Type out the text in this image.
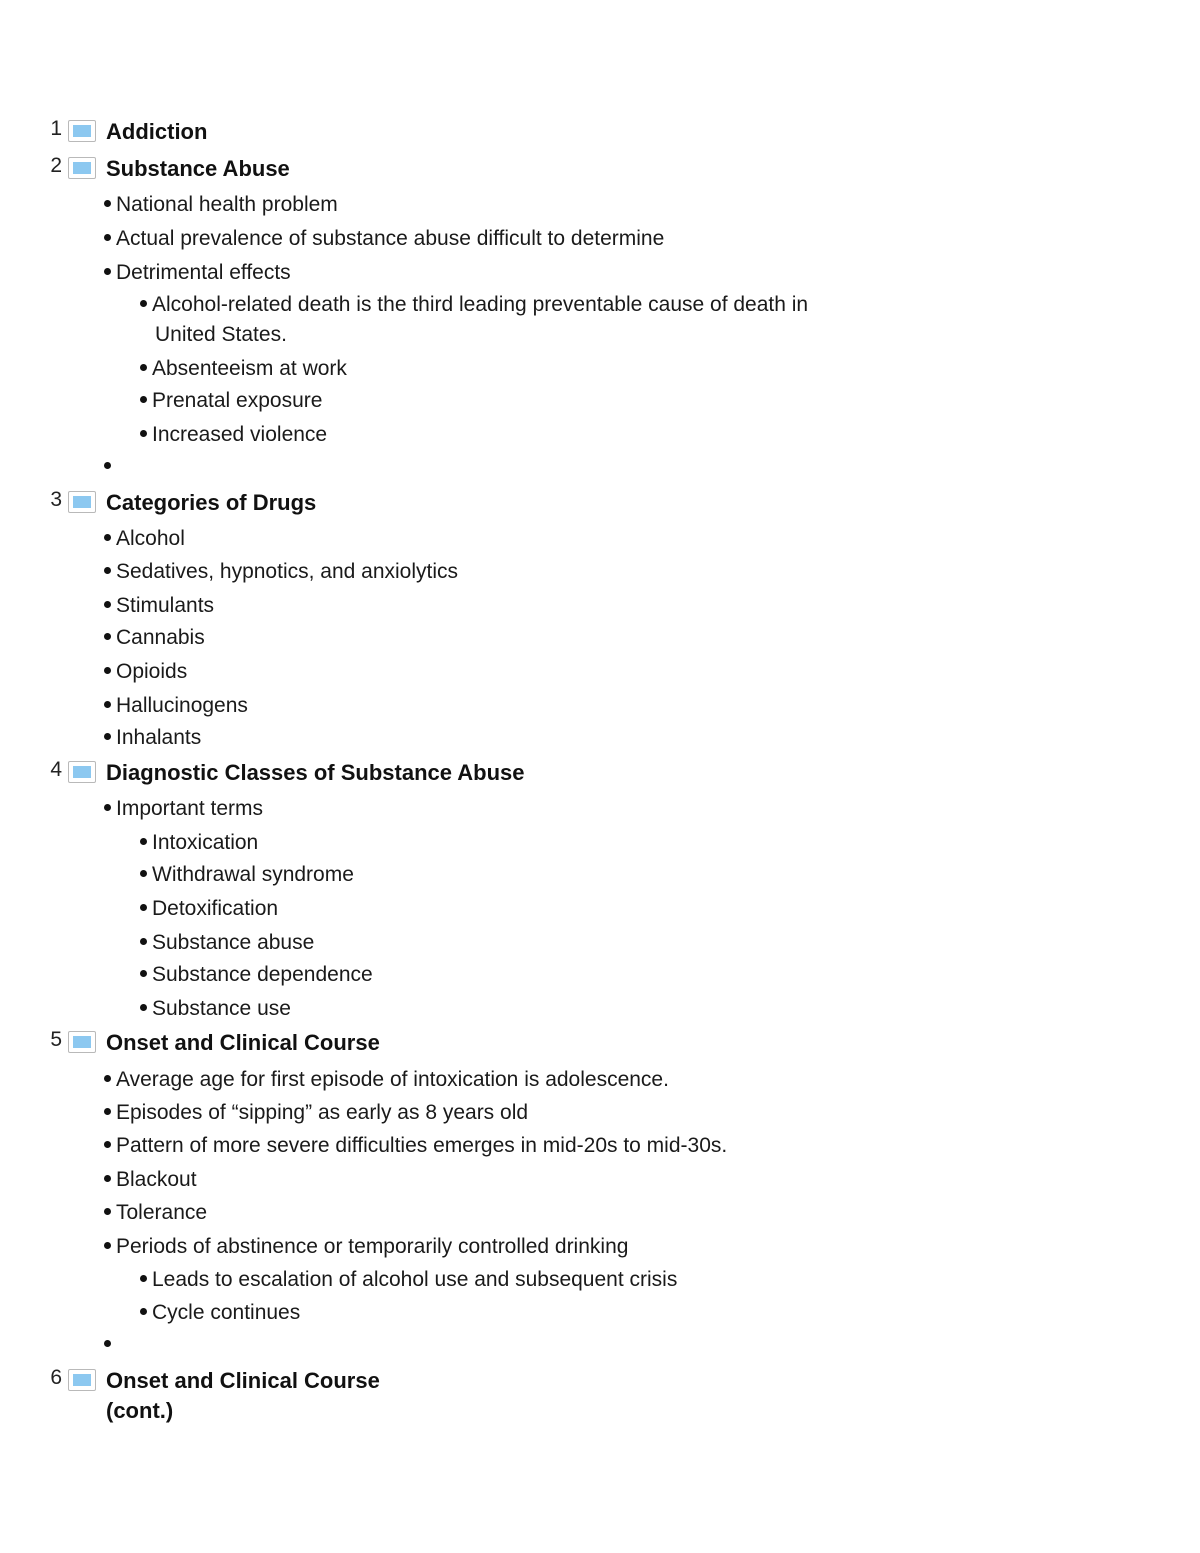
1 Addiction
2 Substance Abuse
National health problem
Actual prevalence of substance abuse difficult to determine
Detrimental effects
Alcohol-related death is the third leading preventable cause of death in
United States.
Absenteeism at work
Prenatal exposure
Increased violence
3 Categories of Drugs
Alcohol
Sedatives, hypnotics, and anxiolytics
Stimulants
Cannabis
Opioids
Hallucinogens
Inhalants
4 Diagnostic Classes of Substance Abuse
Important terms
Intoxication
Withdrawal syndrome
Detoxification
Substance abuse
Substance dependence
Substance use
5 Onset and Clinical Course
Average age for first episode of intoxication is adolescence.
Episodes of “sipping” as early as 8 years old
Pattern of more severe difficulties emerges in mid-20s to mid-30s.
Blackout
Tolerance
Periods of abstinence or temporarily controlled drinking
Leads to escalation of alcohol use and subsequent crisis
Cycle continues
6 Onset and Clinical Course
(cont.)
